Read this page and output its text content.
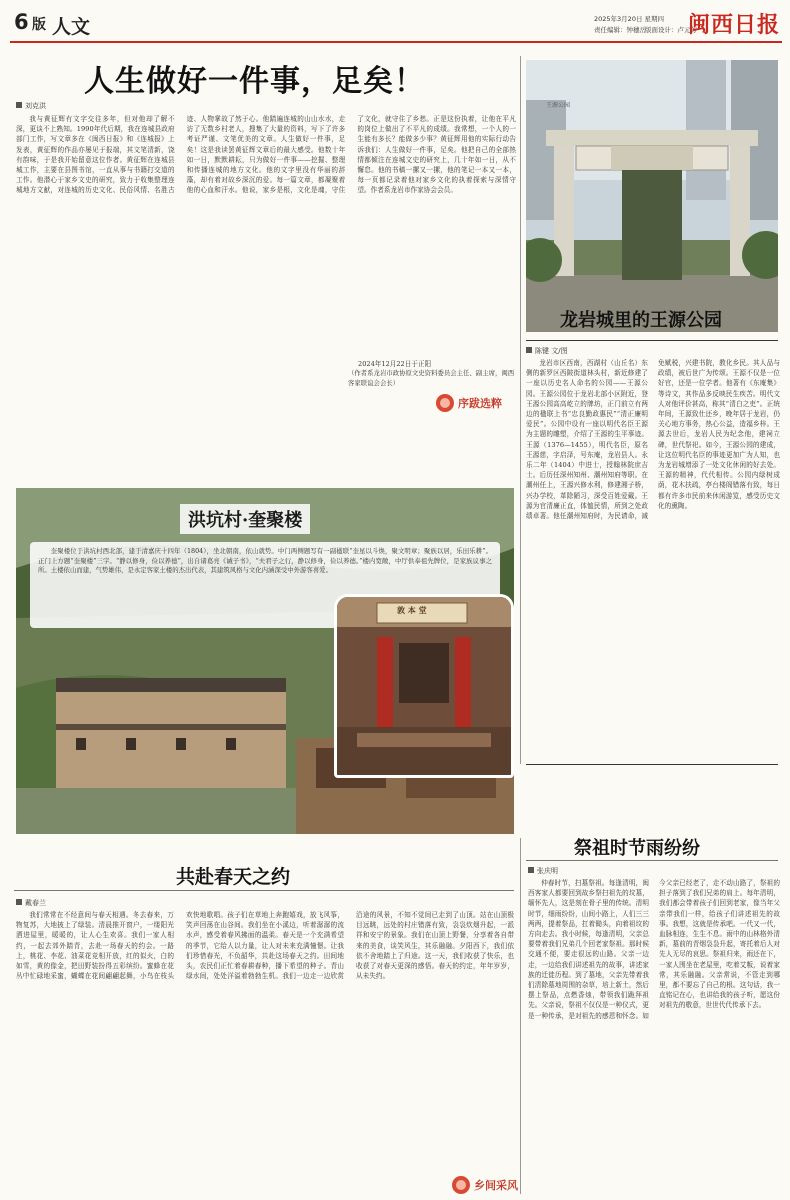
6 版 人文	2025年3月20日 星期四
责任编辑：钟穗岳 版面设计：卢元芳
闽西日报
人生做好一件事，足矣！
刘克洪

我与黄征辉有文字交往多年，但对他却了解不深，更谈不上熟知。1990年代后期，我在连城县政府部门工作，写文章多在《闽西日报》和《连城报》上发表，黄征辉的作品亦屡见于报端，其文笔清新，饶有韵味，于是我开始留意这位作者。黄征辉在连城县城工作，主要在县图书馆，一直从事与书籍打交道的工作。他潜心于家乡文史的研究，致力于收集整理连城地方文献，对连城的历史文化、民俗风情、名胜古迹、人物掌故了然于心。他踏遍连城的山山水水，走访了无数乡村老人，搜集了大量的资料，写下了许多考证严谨、文笔优美的文章。人生做好一件事，足矣！这是我读罢黄征辉文章后的最大感受。他数十年如一日，默默耕耘，只为做好一件事——挖掘、整理和传播连城的地方文化。他的文字里没有华丽的辞藻，却有着对故乡深沉的爱。每一篇文章，都凝聚着他的心血和汗水。他说，家乡是根，文化是魂，守住了文化，就守住了乡愁。正是这份执着，让他在平凡的岗位上做出了不平凡的成绩。我常想，一个人的一生能有多长？能做多少事？黄征辉用他的实际行动告诉我们：人生做好一件事，足矣。他把自己的全部热情都倾注在连城文史的研究上，几十年如一日，从不懈怠。他的书稿一摞又一摞，他的笔记一本又一本，每一页都记录着他对家乡文化的执着探索与深情守望。作者系龙岩市作家协会会员。

2024年12月22日于正阳
（作者系龙岩市政协原文史资料委员会主任、副主席，闽西客家联谊会会长）
序跋选粹
王源公园
龙岩城里的王源公园
陈键 文/图

龙岩市区西南，西湖村（山丘名）东侧的新罗区西陂街道林头村，新近修建了一座以历史名人命名的公园——王源公园。王源公园位于龙岩北部小区附近，登王源公园高高屹立的牌坊，正门前立有两边的楹联上书“忠良勤政惠民”“清正廉明爱民”。公园中设有一座以明代名臣王源为主题的雕塑，介绍了王源的生平事迹。王源（1376—1455），明代名臣，原名王源慈，字启泽，号东庵，龙岩县人。永乐二年（1404）中进士，授翰林院庶吉士。后历任深州知州、潮州知府等职。在潮州任上，王源兴修水利，修建湘子桥，兴办学校，革除陋习，深受百姓爱戴。王源为官清廉正直，体恤民情，所到之处政绩卓著。他任潮州知府时，为民请命，减免赋税，兴建书院，教化乡民。其人品与政绩，被后世广为传颂。王源不仅是一位好官，还是一位学者。他著有《东庵集》等诗文，其作品多反映民生疾苦。明代文人对他评价甚高，称其“清白之吏”。正统年间，王源致仕还乡，晚年居于龙岩，仍关心地方事务，热心公益，造福乡梓。王源去世后，龙岩人民为纪念他，建祠立碑，世代祭祀。如今，王源公园的建成，让这位明代名臣的事迹更加广为人知，也为龙岩城增添了一处文化休闲的好去处。王源的精神，代代相传。公园内绿树成荫，花木扶疏，亭台楼阁错落有致，每日都有许多市民前来休闲游览，感受历史文化的熏陶。

奎聚楼位于洪坑村西北部，建于清嘉庆十四年（1804），坐北朝南，依山就势。中门两侧题写有一副楹联“奎星以斗焕，聚文明章；聚族以居，乐田乐耕”。正门上方题“奎聚楼”三字。“静以修身，俭以养德”，出自诸葛亮《诫子书》，“夫君子之行，静以修身，俭以养德。”楼内宽敞，中厅供奉祖先牌位，是家族议事之所。土楼依山而建，气势雄伟，是永定客家土楼的杰出代表，其建筑风格与文化内涵深受中外游客喜爱。
洪坑村·奎聚楼
敦 本 堂
共赴春天之约
戴春兰

我们常常在不经意间与春天相遇。冬去春来，万物复苏，大地披上了绿装。清晨推开窗户，一缕阳光洒进屋里，暖暖的，让人心生欢喜。我们一家人相约，一起去郊外踏青，去赴一场春天的约会。一路上，桃花、李花、油菜花竞相开放，红的似火，白的如雪，黄的像金，把田野装扮得五彩缤纷。蜜蜂在花丛中忙碌地采蜜，蝴蝶在花间翩翩起舞，小鸟在枝头欢快地歌唱。孩子们在草地上奔跑嬉戏，放飞风筝，笑声回荡在山谷间。我们坐在小溪边，听着潺潺的流水声，感受着春风拂面的温柔。春天是一个充满希望的季节，它给人以力量，让人对未来充满憧憬。让我们珍惜春光，不负韶华，共赴这场春天之约。田间地头，农民们正忙着春耕春种，播下希望的种子。青山绿水间，处处洋溢着勃勃生机。我们一边走一边欣赏沿途的风景，不知不觉间已走到了山顶。站在山顶极目远眺，远处的村庄错落有致，袅袅炊烟升起，一派祥和安宁的景象。我们在山顶上野餐，分享着各自带来的美食，谈笑风生，其乐融融。夕阳西下，我们依依不舍地踏上了归途。这一天，我们收获了快乐，也收获了对春天更深的感悟。春天的约定，年年岁岁，从未失约。

祭祖时节雨纷纷
张庆明

仲春时节，扫墓祭祖。每逢清明，闽西客家人都要回到故乡祭扫祖先的坟墓，缅怀先人，这是刻在骨子里的传统。清明时节，细雨纷纷，山间小路上，人们三三两两，提着祭品，扛着锄头，向着祖坟的方向走去。我小时候，每逢清明，父亲总要带着我们兄弟几个回老家祭祖。那时候交通不便，要走很远的山路。父亲一边走，一边给我们讲述祖先的故事，讲述家族的迁徙历程。到了墓地，父亲先带着我们清除墓地周围的杂草，培上新土，然后摆上祭品，点燃香烛，带领我们跪拜祖先。父亲说，祭祖不仅仅是一种仪式，更是一种传承，是对祖先的感恩和怀念。如今父亲已经老了，走不动山路了，祭祖的担子落到了我们兄弟的肩上。每年清明，我们都会带着孩子们回到老家，像当年父亲带我们一样，给孩子们讲述祖先的故事。我想，这就是传承吧。一代又一代，血脉相连，生生不息。雨中的山林格外清新，墓前的青烟袅袅升起，寄托着后人对先人无尽的哀思。祭祖归来，雨还在下，一家人围坐在老屋里，吃着艾粄，说着家常，其乐融融。父亲常说，不管走到哪里，都不要忘了自己的根。这句话，我一直铭记在心，也讲给我的孩子听，愿这份对祖先的敬意，世世代代传承下去。

乡间采风
